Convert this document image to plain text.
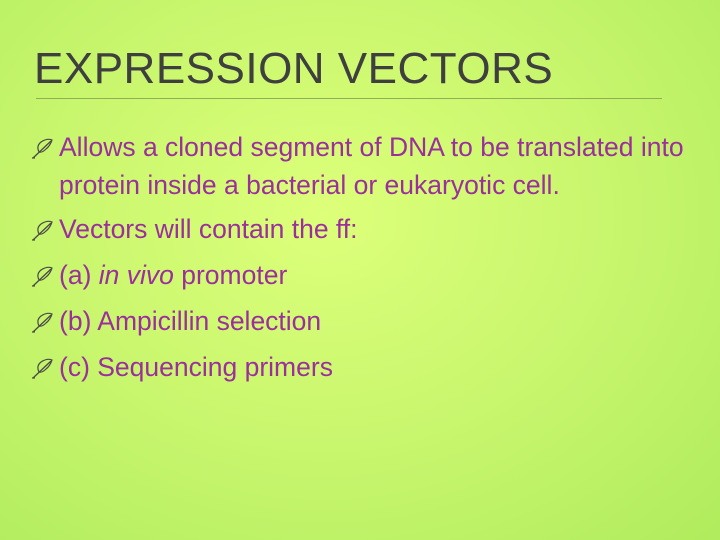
EXPRESSION VECTORS
Allows a cloned segment of DNA to be translated into protein inside a bacterial or eukaryotic cell.
Vectors will contain the ff:
(a) in vivo promoter
(b) Ampicillin selection
(c) Sequencing primers
